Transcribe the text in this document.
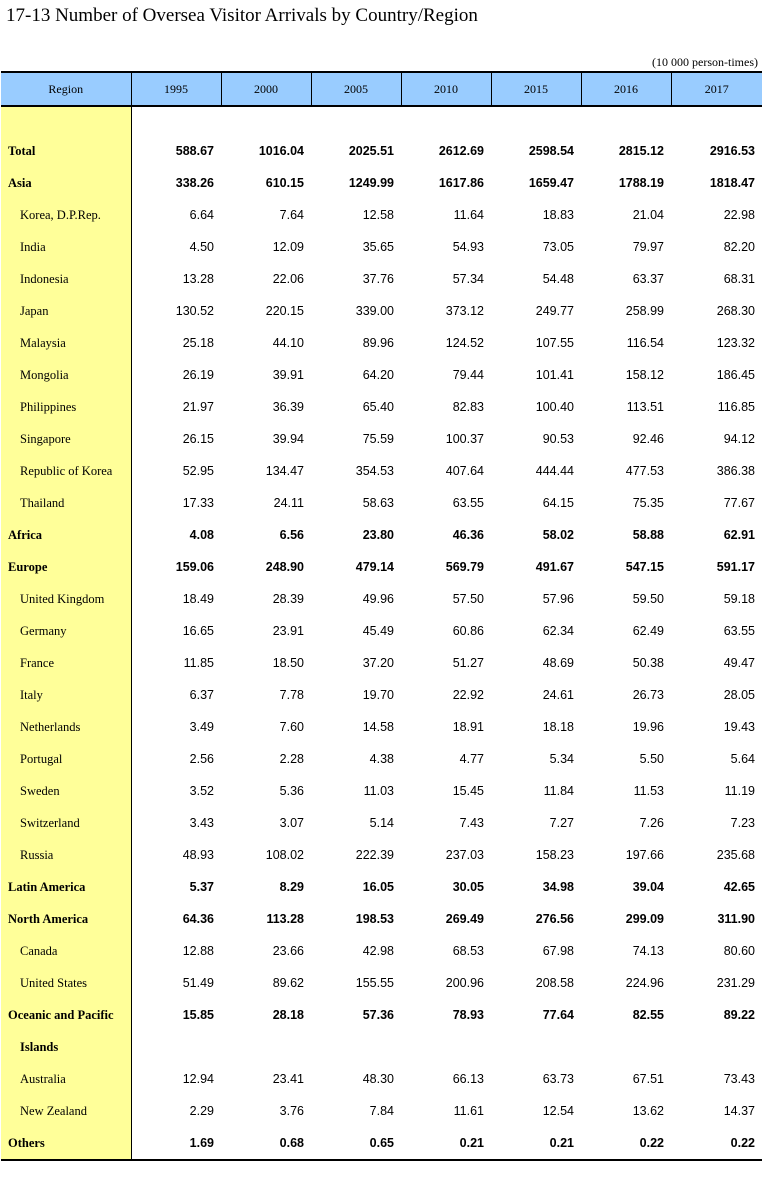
17-13 Number of Oversea Visitor Arrivals by Country/Region
(10 000 person-times)
Region	1995	2000	2005	2010	2015	2016	2017

Total	588.67	1016.04	2025.51	2612.69	2598.54	2815.12	2916.53
Asia	338.26	610.15	1249.99	1617.86	1659.47	1788.19	1818.47
Korea, D.P.Rep.	6.64	7.64	12.58	11.64	18.83	21.04	22.98
India	4.50	12.09	35.65	54.93	73.05	79.97	82.20
Indonesia	13.28	22.06	37.76	57.34	54.48	63.37	68.31
Japan	130.52	220.15	339.00	373.12	249.77	258.99	268.30
Malaysia	25.18	44.10	89.96	124.52	107.55	116.54	123.32
Mongolia	26.19	39.91	64.20	79.44	101.41	158.12	186.45
Philippines	21.97	36.39	65.40	82.83	100.40	113.51	116.85
Singapore	26.15	39.94	75.59	100.37	90.53	92.46	94.12
Republic of Korea	52.95	134.47	354.53	407.64	444.44	477.53	386.38
Thailand	17.33	24.11	58.63	63.55	64.15	75.35	77.67
Africa	4.08	6.56	23.80	46.36	58.02	58.88	62.91
Europe	159.06	248.90	479.14	569.79	491.67	547.15	591.17
United Kingdom	18.49	28.39	49.96	57.50	57.96	59.50	59.18
Germany	16.65	23.91	45.49	60.86	62.34	62.49	63.55
France	11.85	18.50	37.20	51.27	48.69	50.38	49.47
Italy	6.37	7.78	19.70	22.92	24.61	26.73	28.05
Netherlands	3.49	7.60	14.58	18.91	18.18	19.96	19.43
Portugal	2.56	2.28	4.38	4.77	5.34	5.50	5.64
Sweden	3.52	5.36	11.03	15.45	11.84	11.53	11.19
Switzerland	3.43	3.07	5.14	7.43	7.27	7.26	7.23
Russia	48.93	108.02	222.39	237.03	158.23	197.66	235.68
Latin America	5.37	8.29	16.05	30.05	34.98	39.04	42.65
North America	64.36	113.28	198.53	269.49	276.56	299.09	311.90
Canada	12.88	23.66	42.98	68.53	67.98	74.13	80.60
United States	51.49	89.62	155.55	200.96	208.58	224.96	231.29
Oceanic and Pacific	15.85	28.18	57.36	78.93	77.64	82.55	89.22
Islands							
Australia	12.94	23.41	48.30	66.13	63.73	67.51	73.43
New Zealand	2.29	3.76	7.84	11.61	12.54	13.62	14.37
Others	1.69	0.68	0.65	0.21	0.21	0.22	0.22
